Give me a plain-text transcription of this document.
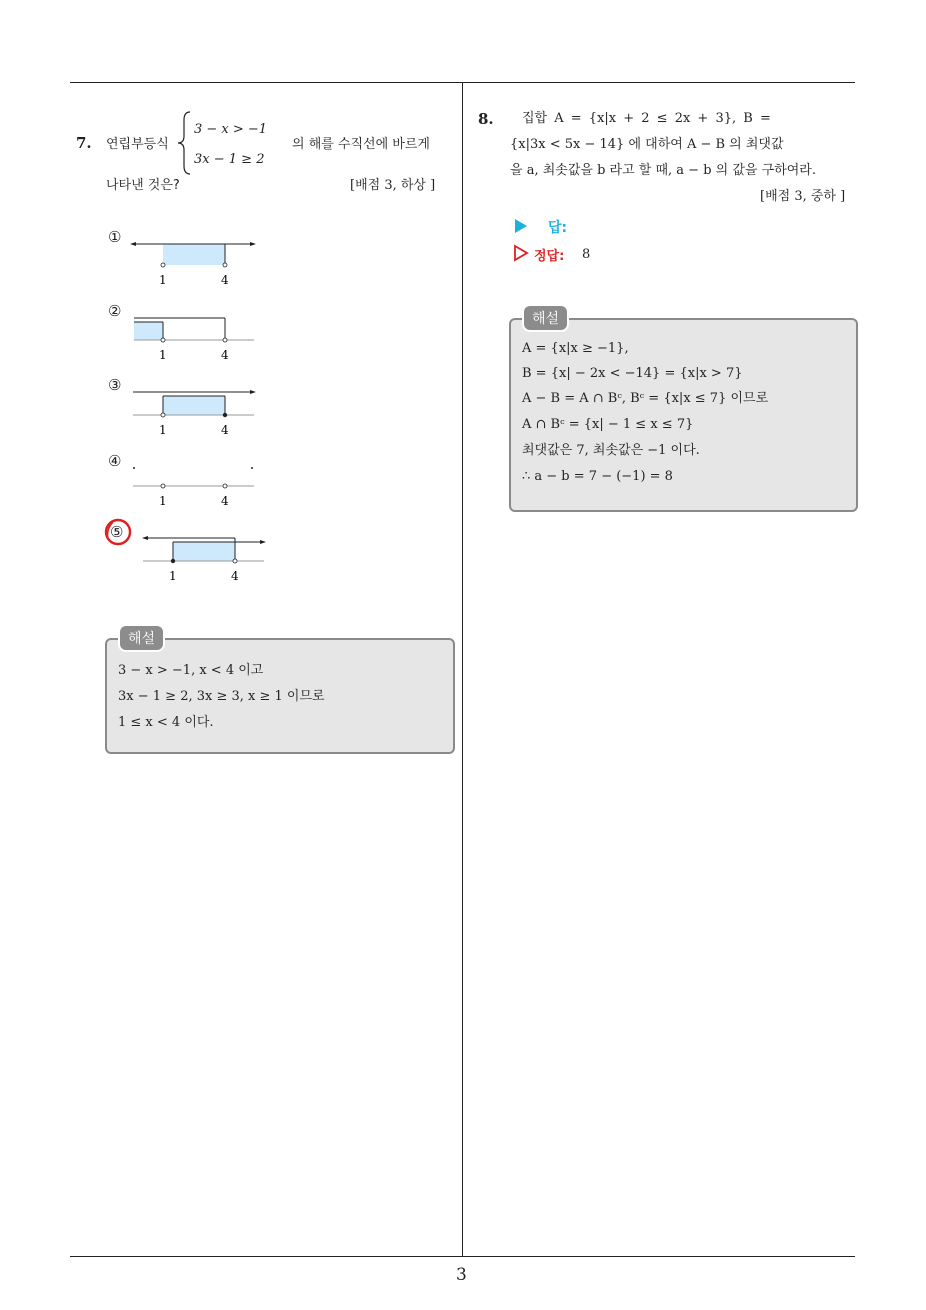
3
7. 연립부등식
3 − x > −1
3x − 1 ≥ 2
의 해를 수직선에 바르게
나타낸 것은?	[배점 3, 하상 ]
①
1	4
②
1	4
③
1	4
④
1	4
⑤
1	4
해설
3 − x > −1, x < 4 이고
3x − 1 ≥ 2, 3x ≥ 3, x ≥ 1 이므로
1 ≤ x < 4 이다.
8. 집합 A = {x|x + 2 ≤ 2x + 3}, B =
{x|3x < 5x − 14} 에 대하여 A − B 의 최댓값
을 a, 최솟값을 b 라고 할 때, a − b 의 값을 구하여라.
[배점 3, 중하 ]
답:
정답: 8
해설
A = {x|x ≥ −1},
B = {x| − 2x < −14} = {x|x > 7}
A − B = A ∩ Bᶜ, Bᶜ = {x|x ≤ 7} 이므로
A ∩ Bᶜ = {x| − 1 ≤ x ≤ 7}
최댓값은 7, 최솟값은 −1 이다.
∴ a − b = 7 − (−1) = 8
